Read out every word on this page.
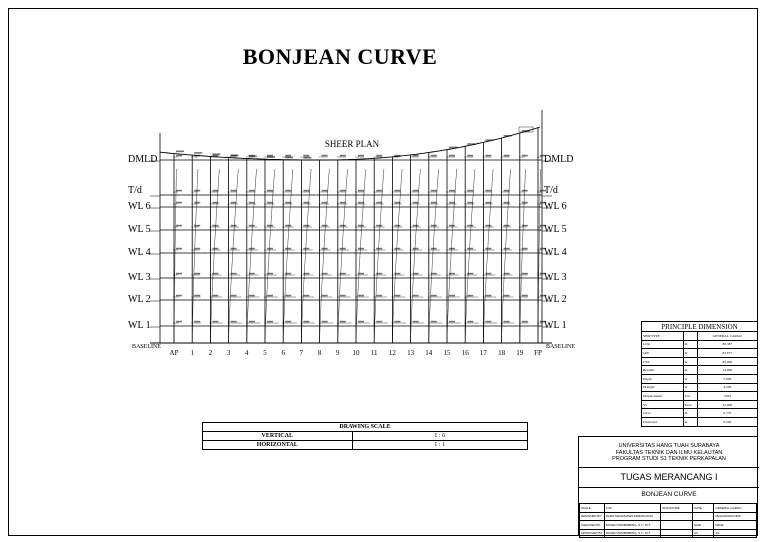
BONJEAN CURVE
SHEER PLAN
DMLD
T/d
WL 6
WL 5
WL 4
WL 3
WL 2
WL 1
BASELINE
DMLD
T/d
WL 6
WL 5
WL 4
WL 3
WL 2
WL 1
BASELINE
AP	1	2	3	4	5	6	7	8	9	10	11	12	13	14	15	16	17	18	19	FP
DRAWING SCALE	
VERTICAL	1 : 6
HORIZONTAL	1 : 1
PRINCIPLE DIMENSION		
SHIP TYPE		GENERAL CARGO
LOA	m	86,387
LPP	m	82,677
LWL	m	85,000
Breadth	m	14,000
Depth	m	7,000
Draught	m	4,500
Displacement	Ton	7584
Vs	Knot	12,000
Cbwl	m	0,770
Freeboard	m	0,500
UNIVERSITAS HANG TUAH SURABAYA
FAKULTAS TEKNIK DAN ILMU KELAUTAN
PROGRAM STUDI S1 TEKNIK PERKAPALAN
TUGAS MERANCANG I
BONJEAN CURVE
SCALE	1:50	SIGNATURE	DATE	GENERAL CARGO
DESIGNED BY	NAMA MAHASISWA PERANCANG			MAHASISWA NRP
CHECKED BY	DOSEN PEMBIMBING, S.T., M.T.		SIZE	PAGE
APPROVED BY	DOSEN PEMBIMBING, S.T., M.T.		A3	1/1
